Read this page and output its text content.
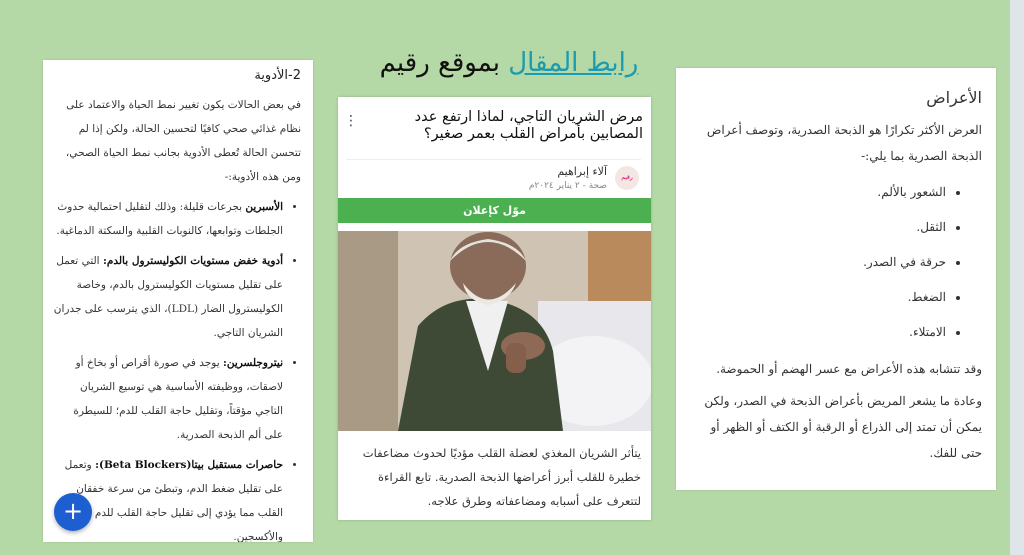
رابط المقال بموقع رقيم
2-الأدوية

في بعض الحالات يكون تغيير نمط الحياة والاعتماد على نظام غذائي صحي كافيًا لتحسين الحالة، ولكن إذا لم تتحسن الحالة تُعطى الأدوية بجانب نمط الحياة الصحي، ومن هذه الأدوية:-

• الأسبرين بجرعات قليلة: وذلك لتقليل احتمالية حدوث الجلطات وتوابعها، كالنوبات القلبية والسكتة الدماغية.
• أدوية خفض مستويات الكوليسترول بالدم: التي تعمل على تقليل مستويات الكوليسترول بالدم، وخاصة الكوليسترول الضار (LDL)، الذي يترسب على جدران الشريان التاجي.
• نيتروجلسرين: يوجد في صورة أقراص أو بخاخ أو لاصقات، ووظيفته الأساسية هي توسيع الشريان التاجي مؤقتاً، وتقليل حاجة القلب للدم؛ للسيطرة على ألم الذبحة الصدرية.
• حاصرات مستقبل بيتا(Beta Blockers): وتعمل على تقليل ضغط الدم، وتبطئ من سرعة خفقان القلب مما يؤدي إلى تقليل حاجة القلب للدم والأكسجين.
مرض الشريان التاجي، لماذا ارتفع عدد المصابين بأمراض القلب بعمر صغير؟
⋮
رقيم
آلاء إبراهيم
صحة - ٢ يناير ٢٠٢٤م
موّل كإعلان
يتأثر الشريان المغذي لعضلة القلب مؤديًا لحدوث مضاعفات خطيرة للقلب أبرز أعراضها الذبحة الصدرية. تابع القراءة لتتعرف على أسبابه ومضاعفاته وطرق علاجه.
الأعراض

العرض الأكثر تكرارًا هو الذبحة الصدرية، وتوصف أعراض الذبحة الصدرية بما يلي:-

• الشعور بالألم.
• الثقل.
• حرقة في الصدر.
• الضغط.
• الامتلاء.

وقد تتشابه هذه الأعراض مع عسر الهضم أو الحموضة.

وعادة ما يشعر المريض بأعراض الذبحة في الصدر، ولكن يمكن أن تمتد إلى الذراع أو الرقبة أو الكتف أو الظهر أو حتى للفك.

+
